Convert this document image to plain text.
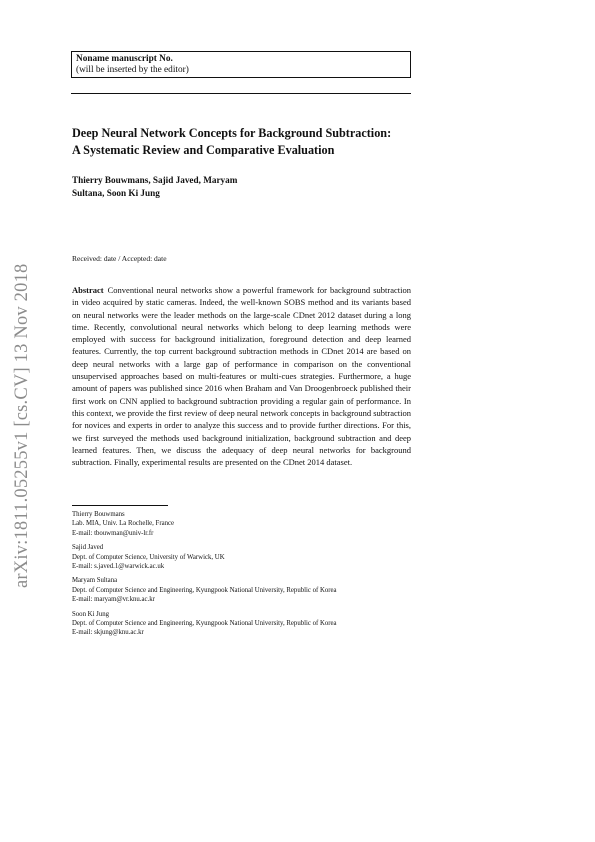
arXiv:1811.05255v1 [cs.CV] 13 Nov 2018
Noname manuscript No.
(will be inserted by the editor)
Deep Neural Network Concepts for Background Subtraction:
A Systematic Review and Comparative Evaluation
Thierry Bouwmans, Sajid Javed, Maryam
Sultana, Soon Ki Jung
Received: date / Accepted: date
Abstract Conventional neural networks show a powerful framework for background subtraction in video acquired by static cameras. Indeed, the well-known SOBS method and its variants based on neural networks were the leader methods on the large-scale CDnet 2012 dataset during a long time. Recently, convolutional neural networks which belong to deep learning methods were employed with success for background initialization, foreground detection and deep learned features. Currently, the top current background subtraction methods in CDnet 2014 are based on deep neural networks with a large gap of performance in comparison on the conventional unsupervised approaches based on multi-features or multi-cues strategies. Furthermore, a huge amount of papers was published since 2016 when Braham and Van Droogenbroeck published their first work on CNN applied to background subtraction providing a regular gain of performance. In this context, we provide the first review of deep neural network concepts in background subtraction for novices and experts in order to analyze this success and to provide further directions. For this, we first surveyed the methods used background initialization, background subtraction and deep learned features. Then, we discuss the adequacy of deep neural networks for background subtraction. Finally, experimental results are presented on the CDnet 2014 dataset.
Thierry Bouwmans
Lab. MIA, Univ. La Rochelle, France
E-mail: tbouwman@univ-lr.fr
Sajid Javed
Dept. of Computer Science, University of Warwick, UK
E-mail: s.javed.1@warwick.ac.uk
Maryam Sultana
Dept. of Computer Science and Engineering, Kyungpook National University, Republic of Korea
E-mail: maryam@vr.knu.ac.kr
Soon Ki Jung
Dept. of Computer Science and Engineering, Kyungpook National University, Republic of Korea
E-mail: skjung@knu.ac.kr
